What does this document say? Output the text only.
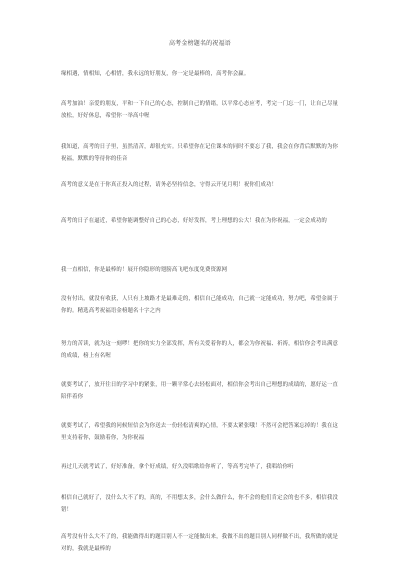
高考金榜题名的祝福语
缘相遇，情相知，心相惜，我永远的好朋友，你一定是最棒的，高考你会赢。
高考加油！亲爱的朋友，平和一下自己的心态，控制自己的情绪，以平常心态应考，考完一门忘一门，让自己尽量放松，好好休息，希望你一举高中喔
我知道，高考的日子里，虽然清苦，却很充实。只希望你在记住课本的同时不要忘了我，我会在你背后默默的为你祝福，默默的等待你的佳音
高考的意义是在于你真正投入的过程，请务必坚持信念，守得云开见月明！祝你们成功！
高考的日子在逼近，希望你能调整好自己的心态，好好发挥，考上理想的公大！我在为你祝福，一定会成功的
我一直相信，你是最棒的！展开你隐形的翅膀高飞吧东度免费资源网
没有付出，就没有收获，人只有上坡路才是最难走的，相信自己能成功，自己就一定能成功，努力吧，希望金属于你的。精选高考祝福语金榜题名十字之内
努力的苦读，就为这一刻啰！把你的实力全部发挥，所有关爱着你的人，都会为你祝福、祈祷，相信你会考出满意的成绩，榜上有名喔
就要考试了，放开往日的学习中的紧张，用一颗平常心去轻松面对，相信你会考出自己理想的成绩的，愿好运一直陪伴着你
就要考试了，希望我的问候短信会为你送去一份轻松清爽的心情，不要太紧张哦！不然可会把答案忘掉的！我在这里支持着你，鼓励着你，为你祝福
再过几天就考试了，好好准备，拿个好成绩，好久没唱歌给你听了，等高考完毕了，我唱给你听
相信自己就好了，没什么大不了的，真的，不用想太多，会什么做什么，你不会的他们肯定会的也不多，相信我没错！
高考没有什么大不了的，我能做得出的题目别人不一定能做出来，我做不出的题目别人同样做不出，我所做的就是对的，我就是最棒的
